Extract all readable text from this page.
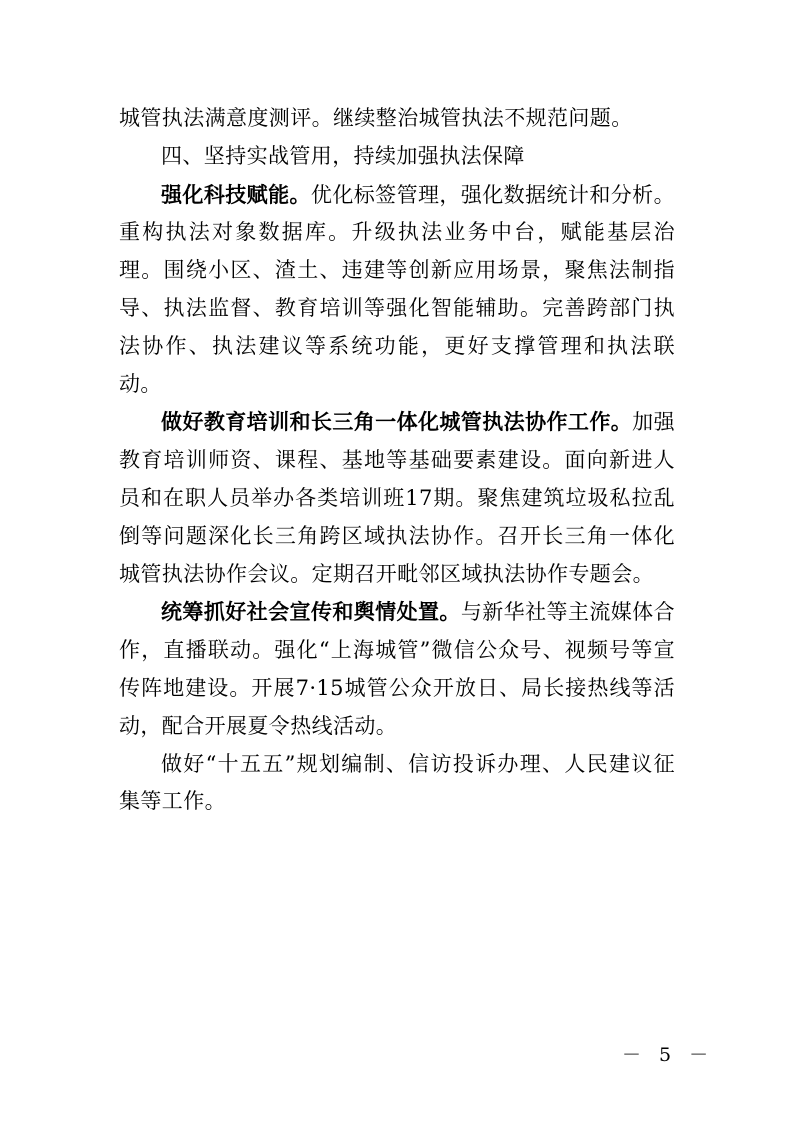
城管执法满意度测评。继续整治城管执法不规范问题。

四、坚持实战管用，持续加强执法保障

强化科技赋能。优化标签管理，强化数据统计和分析。重构执法对象数据库。升级执法业务中台，赋能基层治理。围绕小区、渣土、违建等创新应用场景，聚焦法制指导、执法监督、教育培训等强化智能辅助。完善跨部门执法协作、执法建议等系统功能，更好支撑管理和执法联动。

做好教育培训和长三角一体化城管执法协作工作。加强教育培训师资、课程、基地等基础要素建设。面向新进人员和在职人员举办各类培训班17期。聚焦建筑垃圾私拉乱倒等问题深化长三角跨区域执法协作。召开长三角一体化城管执法协作会议。定期召开毗邻区域执法协作专题会。

统筹抓好社会宣传和舆情处置。与新华社等主流媒体合作，直播联动。强化“上海城管”微信公众号、视频号等宣传阵地建设。开展7·15城管公众开放日、局长接热线等活动，配合开展夏令热线活动。

做好“十五五”规划编制、信访投诉办理、人民建议征集等工作。

－ 5 －
